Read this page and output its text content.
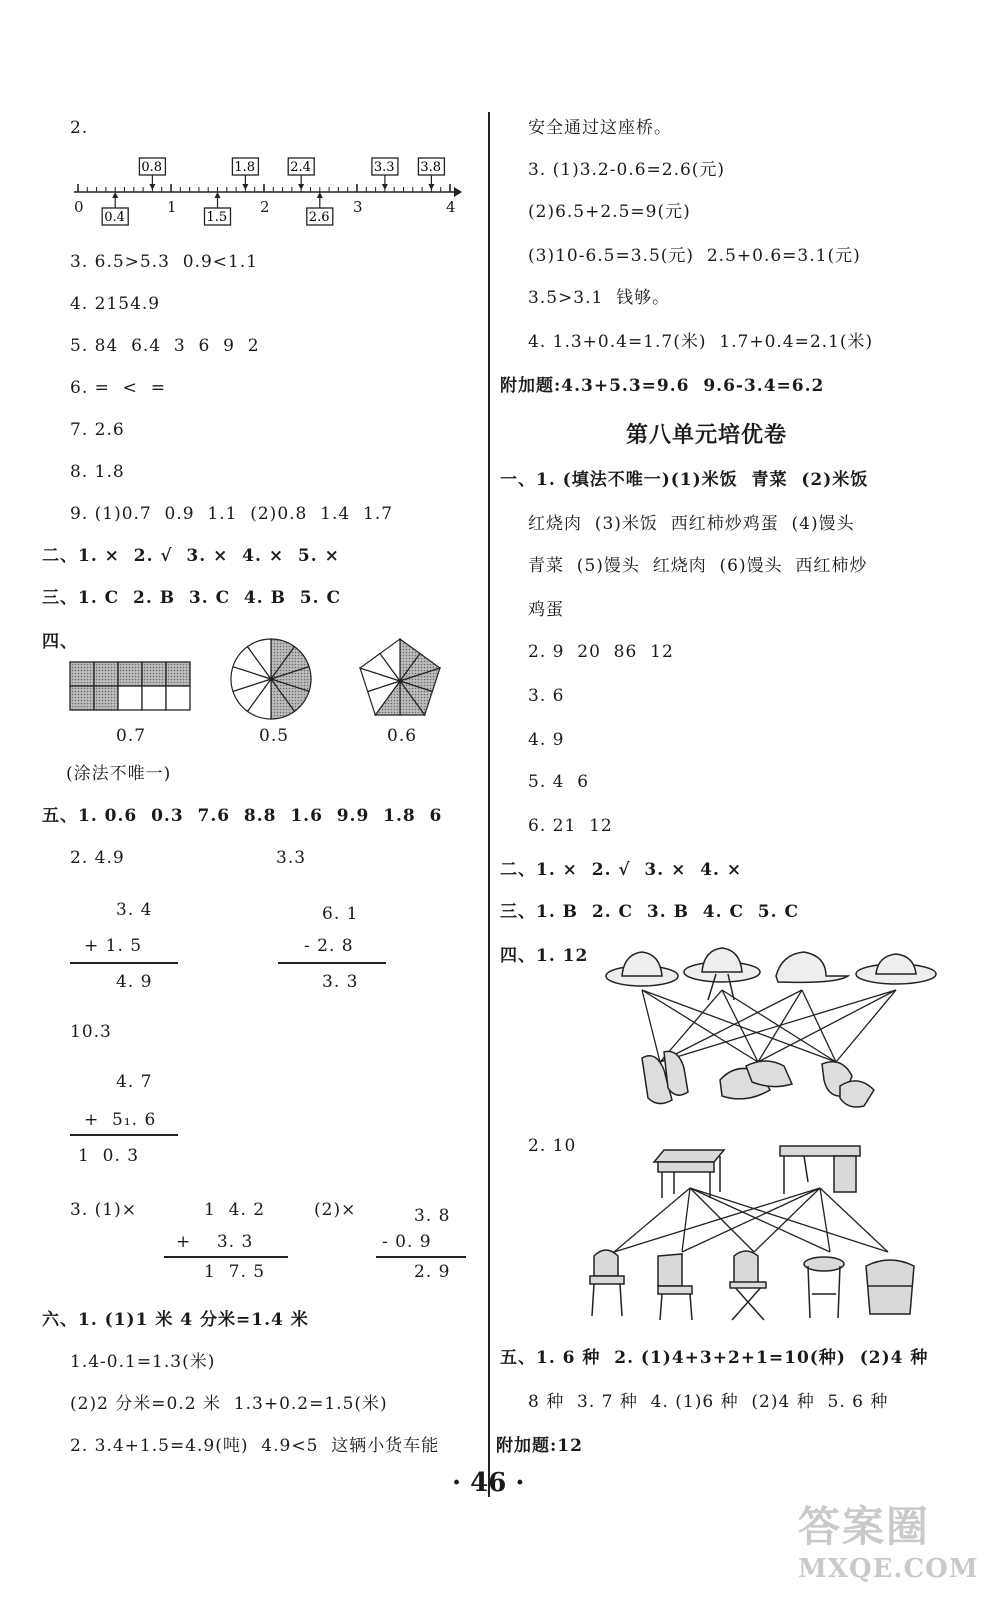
2.
0	1	2	3	4
0.8	1.8	2.4	3.3 3.8
0.4	1.5	2.6
3. 6.5>5.3  0.9<1.1
4. 2154.9
5. 84  6.4  3  6  9  2
6. =  <  =
7. 2.6
8. 1.8
9. (1)0.7  0.9  1.1  (2)0.8  1.4  1.7
二、1. ×  2. √  3. ×  4. ×  5. ×
三、1. C  2. B  3. C  4. B  5. C
四、
0.7	0.5	0.6
(涂法不唯一)
五、1. 0.6  0.3  7.6  8.8  1.6  9.9  1.8  6
2. 4.9	3.3
3. 4
+ 1. 5
4. 9
6. 1
- 2. 8
3. 3
10.3
4. 7
+  5₁. 6
1  0. 3
3. (1)×	1  4. 2
+    3. 3
1  7. 5
(2)×	3. 8
- 0. 9
2. 9
六、1. (1)1 米 4 分米=1.4 米
1.4-0.1=1.3(米)
(2)2 分米=0.2 米  1.3+0.2=1.5(米)
2. 3.4+1.5=4.9(吨)  4.9<5  这辆小货车能
安全通过这座桥。
3. (1)3.2-0.6=2.6(元)
(2)6.5+2.5=9(元)
(3)10-6.5=3.5(元)  2.5+0.6=3.1(元)
3.5>3.1  钱够。
4. 1.3+0.4=1.7(米)  1.7+0.4=2.1(米)
附加题:4.3+5.3=9.6  9.6-3.4=6.2
第八单元培优卷
一、1. (填法不唯一)(1)米饭  青菜  (2)米饭
红烧肉  (3)米饭  西红柿炒鸡蛋  (4)馒头
青菜  (5)馒头  红烧肉  (6)馒头  西红柿炒
鸡蛋
2. 9  20  86  12
3. 6
4. 9
5. 4  6
6. 21  12
二、1. ×  2. √  3. ×  4. ×
三、1. B  2. C  3. B  4. C  5. C
四、1. 12
2. 10
五、1. 6 种  2. (1)4+3+2+1=10(种)  (2)4 种
8 种  3. 7 种  4. (1)6 种  (2)4 种  5. 6 种
附加题:12
· 46 ·
答案圈
MXQE.COM
